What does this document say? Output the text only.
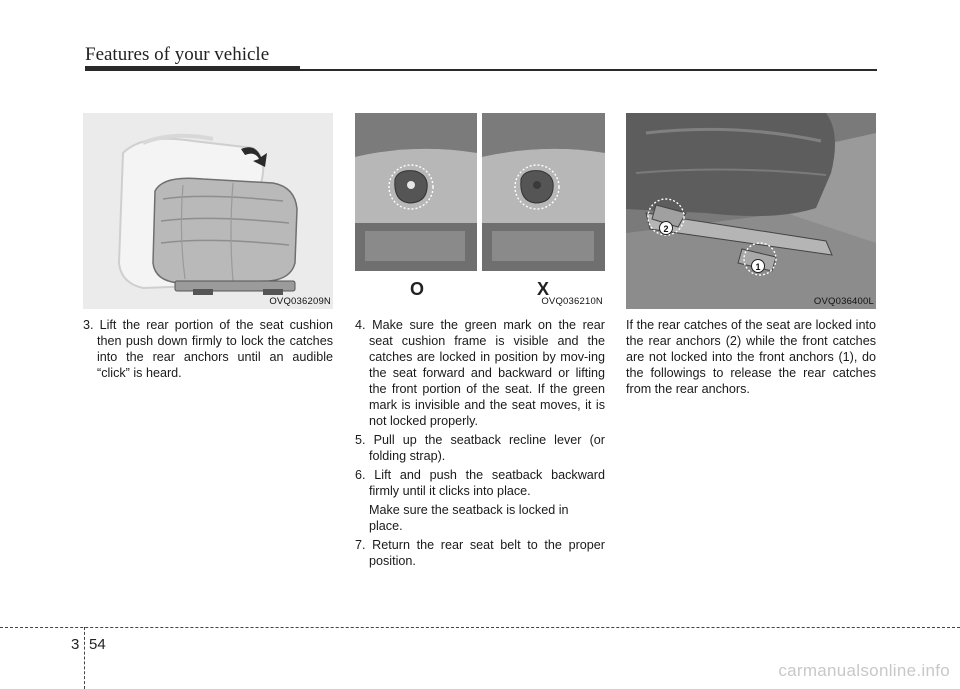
Features of your vehicle
OVQ036209N

3. Lift the rear portion of the seat cushion then push down firmly to lock the catches into the rear anchors until an audible “click” is heard.

O	X
OVQ036210N

4. Make sure the green mark on the rear seat cushion frame is visible and the catches are locked in position by mov-ing the seat forward and backward or lifting the front portion of the seat. If the green mark is invisible and the seat moves, it is not locked properly.

5. Pull up the seatback recline lever (or folding strap).

6. Lift and push the seatback backward firmly until it clicks into place.

Make sure the seatback is locked in place.

7. Return the rear seat belt to the proper position.

2
1
OVQ036400L

If the rear catches of the seat are locked into the rear anchors (2) while the front catches are not locked into the front anchors (1), do the followings to release the rear catches from the rear anchors.

3 54
carmanualsonline.info
